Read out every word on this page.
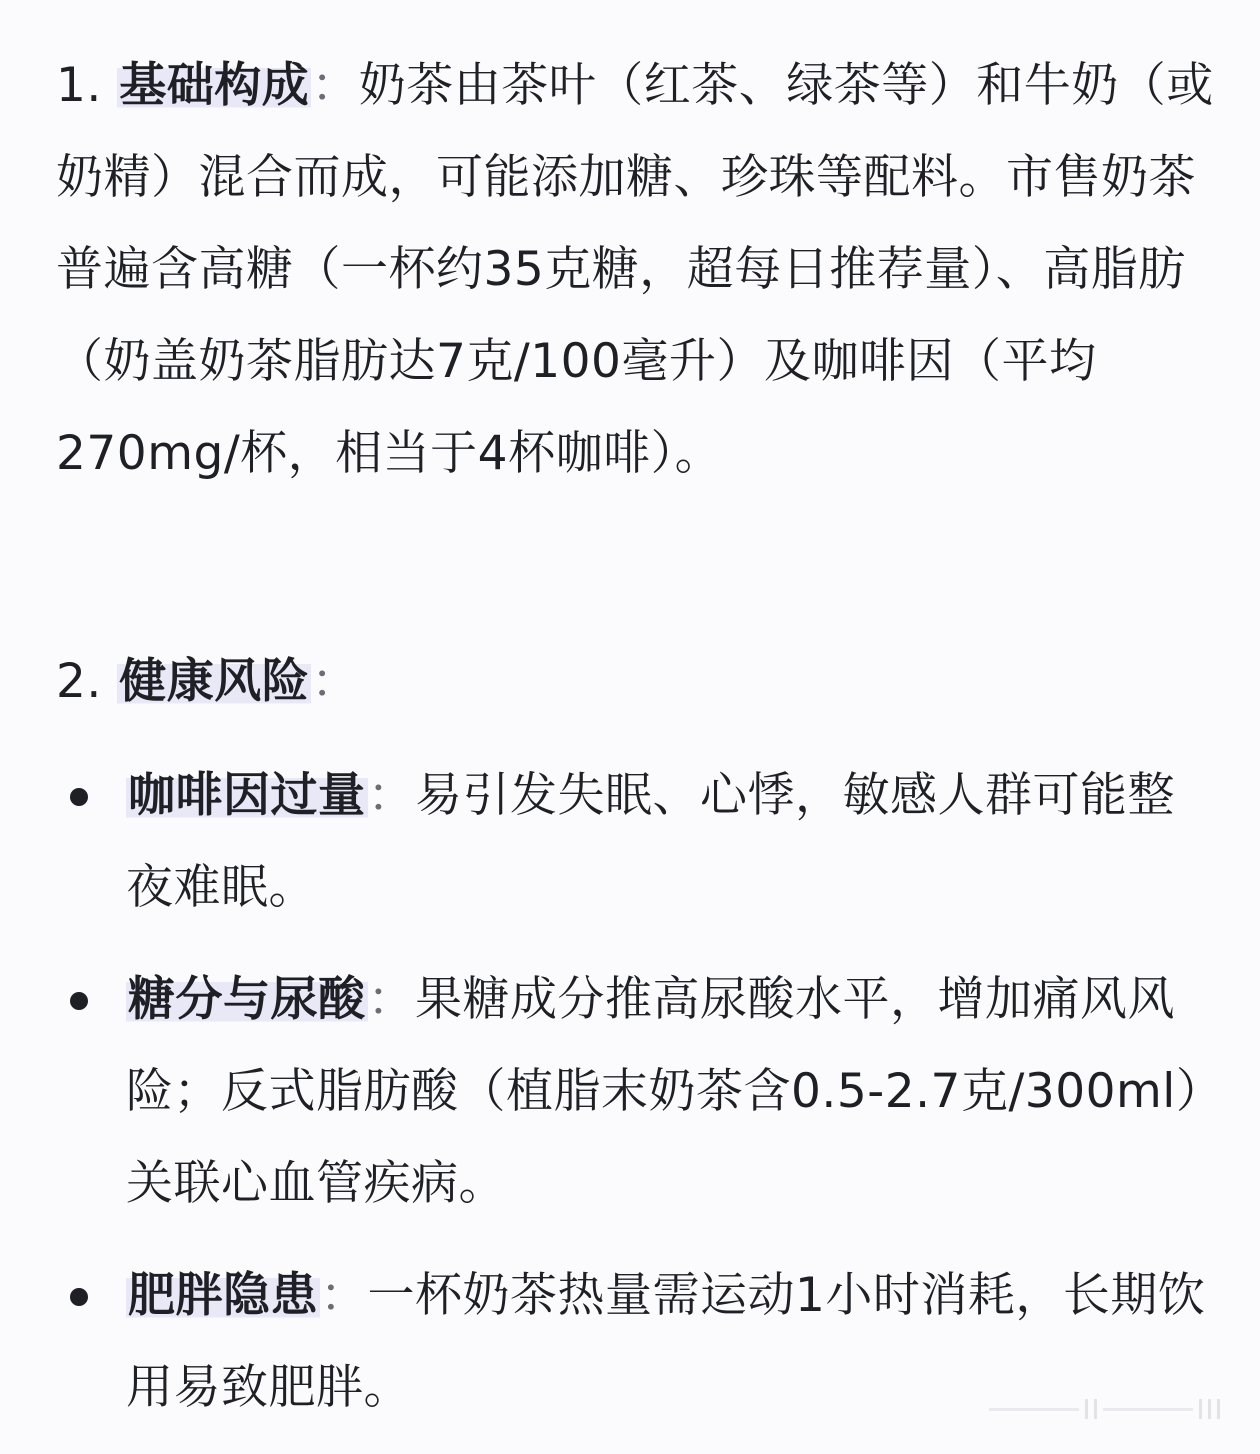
1. 基础构成：奶茶由茶叶（红茶、绿茶等）和牛奶（或奶精）混合而成，可能添加糖、珍珠等配料。市售奶茶普遍含高糖（一杯约35克糖，超每日推荐量）、高脂肪（奶盖奶茶脂肪达7克/100毫升）及咖啡因（平均270mg/杯，相当于4杯咖啡）。

2. 健康风险：
咖啡因过量：易引发失眠、心悸，敏感人群可能整夜难眠。
糖分与尿酸：果糖成分推高尿酸水平，增加痛风风险；反式脂肪酸（植脂末奶茶含0.5-2.7克/300ml）关联心血管疾病。
肥胖隐患：一杯奶茶热量需运动1小时消耗，长期饮用易致肥胖。
